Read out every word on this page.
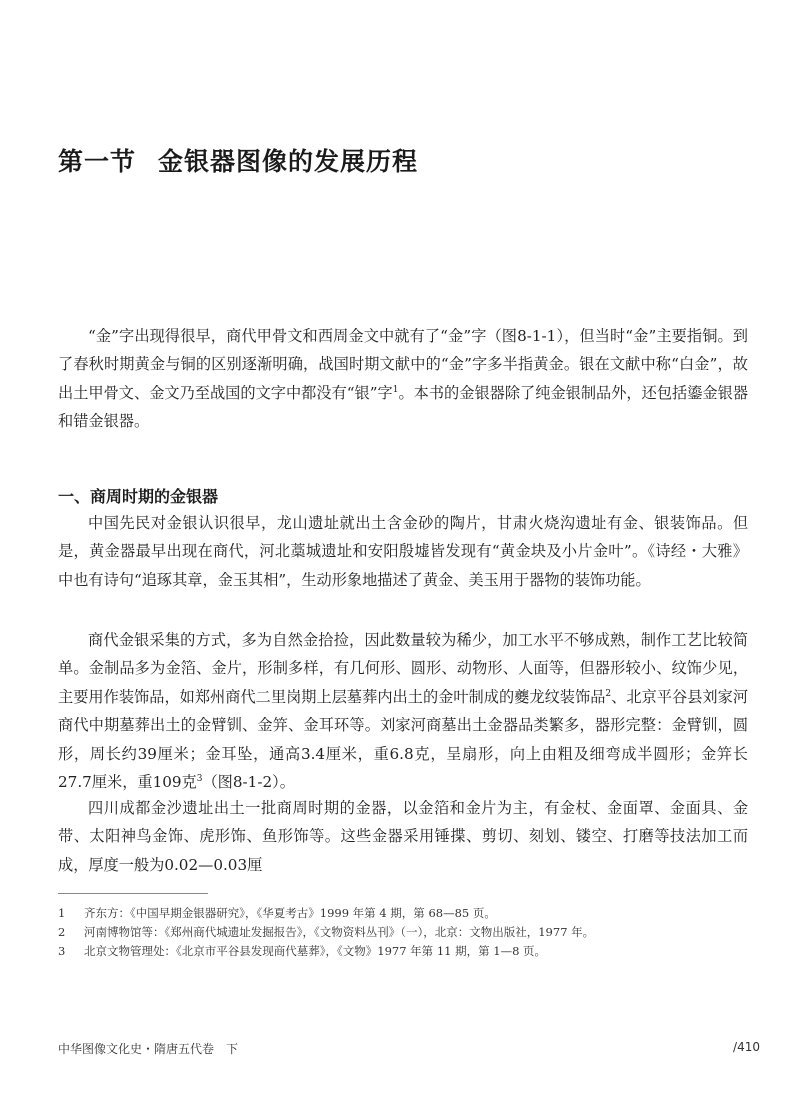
第一节 金银器图像的发展历程

“金”字出现得很早，商代甲骨文和西周金文中就有了“金”字（图8-1-1），但当时“金”主要指铜。到了春秋时期黄金与铜的区别逐渐明确，战国时期文献中的“金”字多半指黄金。银在文献中称“白金”，故出土甲骨文、金文乃至战国的文字中都没有“银”字$^1$。本书的金银器除了纯金银制品外，还包括鎏金银器和错金银器。

一、商周时期的金银器

中国先民对金银认识很早，龙山遗址就出土含金砂的陶片，甘肃火烧沟遗址有金、银装饰品。但是，黄金器最早出现在商代，河北藁城遗址和安阳殷墟皆发现有“黄金块及小片金叶”。《诗经・大雅》中也有诗句“追琢其章，金玉其相”，生动形象地描述了黄金、美玉用于器物的装饰功能。

商代金银采集的方式，多为自然金拾捡，因此数量较为稀少，加工水平不够成熟，制作工艺比较简单。金制品多为金箔、金片，形制多样，有几何形、圆形、动物形、人面等，但器形较小、纹饰少见，主要用作装饰品，如郑州商代二里岗期上层墓葬内出土的金叶制成的夔龙纹装饰品$^2$、北京平谷县刘家河商代中期墓葬出土的金臂钏、金笄、金耳环等。刘家河商墓出土金器品类繁多，器形完整：金臂钏，圆形，周长约39厘米；金耳坠，通高3.4厘米，重6.8克，呈扇形，向上由粗及细弯成半圆形；金笄长27.7厘米，重109克$^3$（图8-1-2）。

四川成都金沙遗址出土一批商周时期的金器，以金箔和金片为主，有金杖、金面罩、金面具、金带、太阳神鸟金饰、虎形饰、鱼形饰等。这些金器采用锤揲、剪切、刻划、镂空、打磨等技法加工而成，厚度一般为0.02—0.03厘

1 齐东方：《中国早期金银器研究》，《华夏考古》1999 年第 4 期，第 68—85 页。
2 河南博物馆等：《郑州商代城遗址发掘报告》，《文物资料丛刊》（一），北京：文物出版社，1977 年。
3 北京文物管理处：《北京市平谷县发现商代墓葬》，《文物》1977 年第 11 期，第 1—8 页。
中华图像文化史・隋唐五代卷　下	/410
